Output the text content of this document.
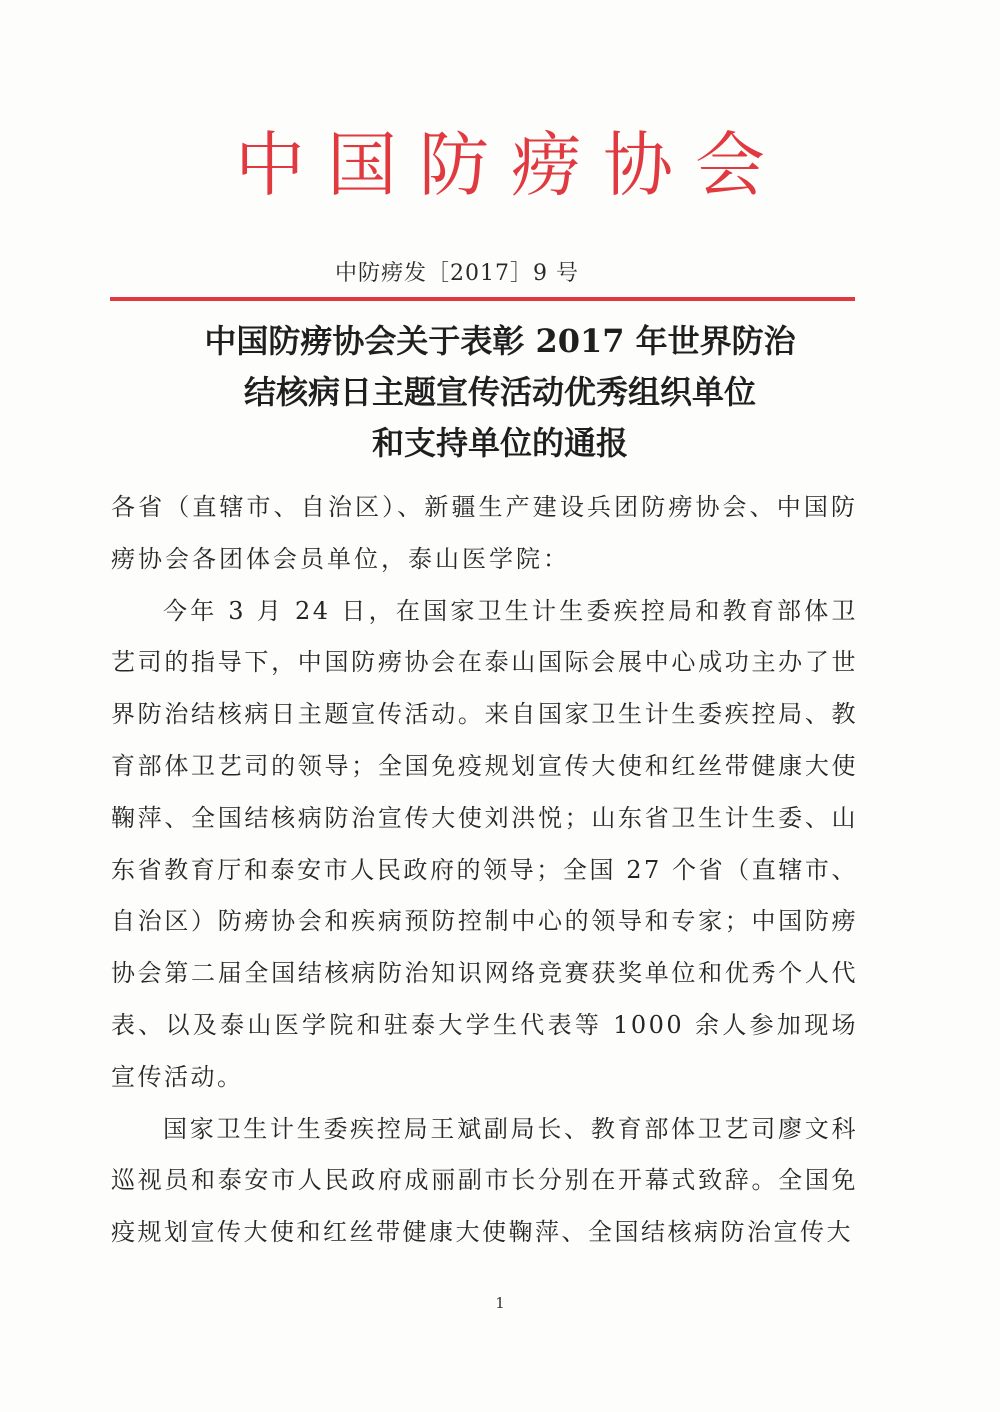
中国防痨协会
中防痨发［2017］9 号
中国防痨协会关于表彰 2017 年世界防治
结核病日主题宣传活动优秀组织单位
和支持单位的通报

各省（直辖市、自治区）、新疆生产建设兵团防痨协会、中国防痨协会各团体会员单位，泰山医学院：

今年 3 月 24 日，在国家卫生计生委疾控局和教育部体卫艺司的指导下，中国防痨协会在泰山国际会展中心成功主办了世界防治结核病日主题宣传活动。来自国家卫生计生委疾控局、教育部体卫艺司的领导；全国免疫规划宣传大使和红丝带健康大使鞠萍、全国结核病防治宣传大使刘洪悦；山东省卫生计生委、山东省教育厅和泰安市人民政府的领导；全国 27 个省（直辖市、自治区）防痨协会和疾病预防控制中心的领导和专家；中国防痨协会第二届全国结核病防治知识网络竞赛获奖单位和优秀个人代表、以及泰山医学院和驻泰大学生代表等 1000 余人参加现场宣传活动。

国家卫生计生委疾控局王斌副局长、教育部体卫艺司廖文科巡视员和泰安市人民政府成丽副市长分别在开幕式致辞。全国免疫规划宣传大使和红丝带健康大使鞠萍、全国结核病防治宣传大

1
